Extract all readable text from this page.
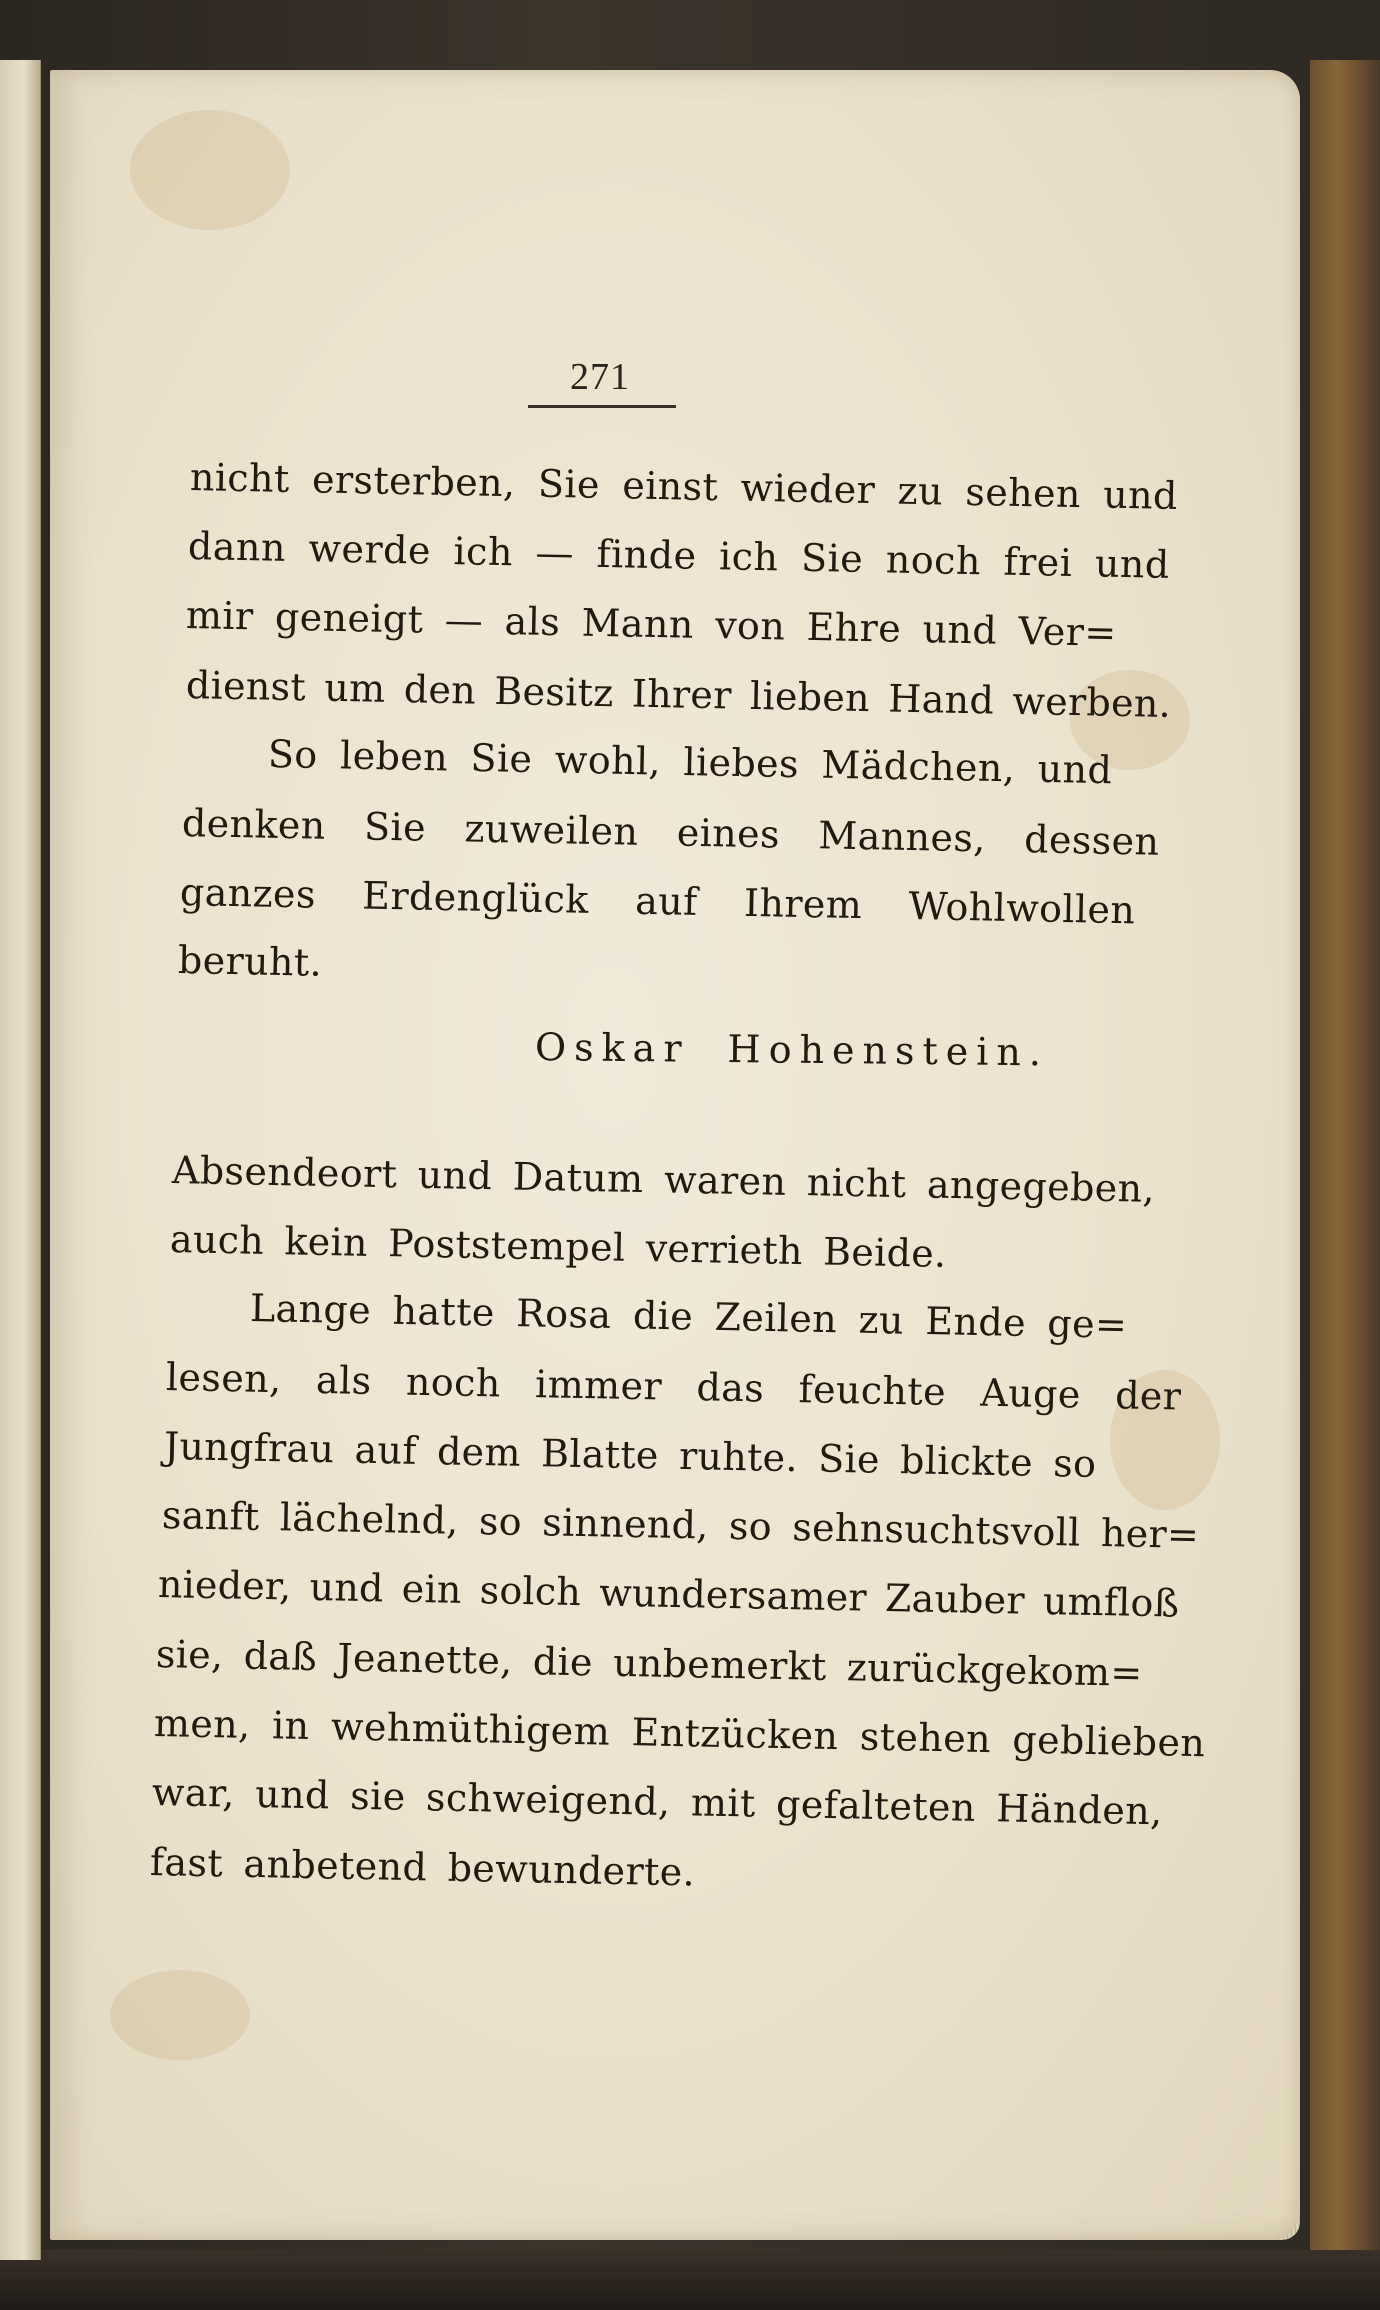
271
nicht ersterben, Sie einst wieder zu sehen und
dann werde ich — finde ich Sie noch frei und
mir geneigt — als Mann von Ehre und Ver=
dienst um den Besitz Ihrer lieben Hand werben.
So leben Sie wohl, liebes Mädchen, und
denken Sie zuweilen eines Mannes, dessen
ganzes Erdenglück auf Ihrem Wohlwollen
beruht.
Oskar Hohenstein.
Absendeort und Datum waren nicht angegeben,
auch kein Poststempel verrieth Beide.
Lange hatte Rosa die Zeilen zu Ende ge=
lesen, als noch immer das feuchte Auge der
Jungfrau auf dem Blatte ruhte. Sie blickte so
sanft lächelnd, so sinnend, so sehnsuchtsvoll her=
nieder, und ein solch wundersamer Zauber umfloß
sie, daß Jeanette, die unbemerkt zurückgekom=
men, in wehmüthigem Entzücken stehen geblieben
war, und sie schweigend, mit gefalteten Händen,
fast anbetend bewunderte.
